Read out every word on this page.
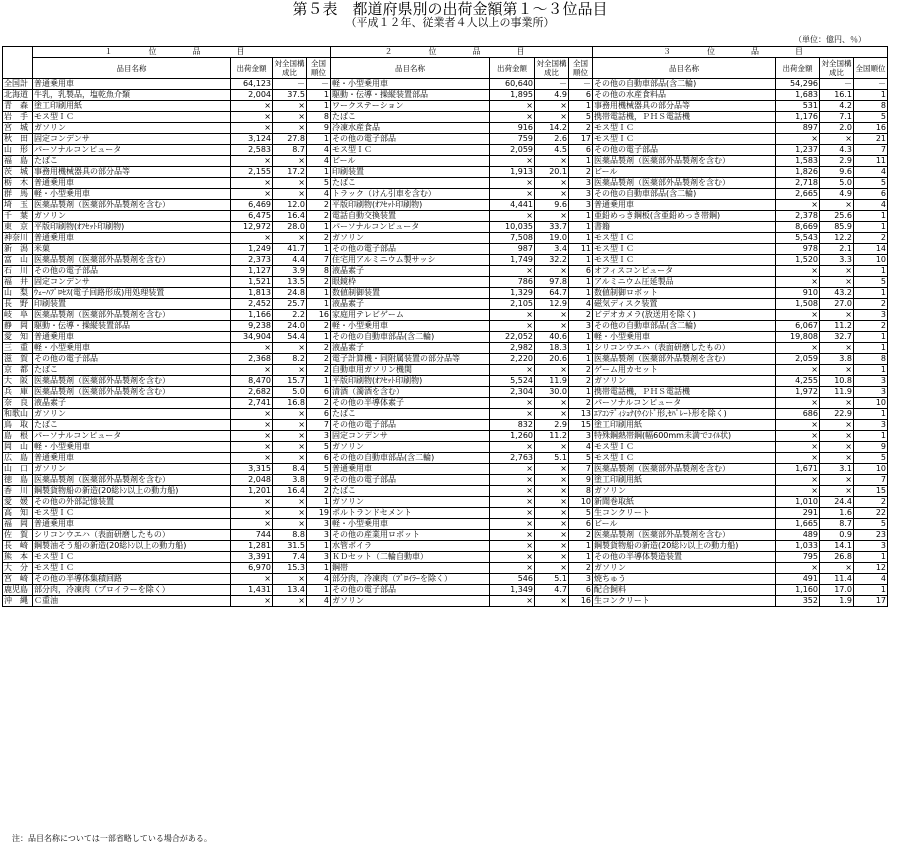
第５表　都道府県別の出荷金額第１～３位品目
（平成１２年、従業者４人以上の事業所）
（単位：億円、％）
	１　位　品　目				２　位　品　目				３　位　品　目			
	品目名称	出荷金額	対全国構成比	全国順位	品目名称	出荷金額	対全国構成比	全国順位	品目名称	出荷金額	対全国構成比	全国順位
全国計	普通乗用車	64,123	－	－	軽・小型乗用車	60,640	－	－	その他の自動車部品(含二輪)	54,296	－	－
北海道	牛乳，乳製品，塩乾魚介類	2,004	37.5	1	駆動・伝導・操縦装置部品	1,895	4.9	6	その他の水産食料品	1,683	16.1	1
青　森	塗工印刷用紙	×	×	1	ワークステーション	×	×	1	事務用機械器具の部分品等	531	4.2	8
岩　手	モス型ＩＣ	×	×	8	たばこ	×	×	5	携帯電話機，ＰＨＳ電話機	1,176	7.1	5
宮　城	ガソリン	×	×	9	冷凍水産食品	916	14.2	2	モス型ＩＣ	897	2.0	16
秋　田	固定コンデンサ	3,124	27.8	1	その他の電子部品	759	2.6	17	モス型ＩＣ	×	×	21
山　形	パーソナルコンピュータ	2,583	8.7	4	モス型ＩＣ	2,059	4.5	6	その他の電子部品	1,237	4.3	7
福　島	たばこ	×	×	4	ビール	×	×	1	医薬品製剤（医薬部外品製剤を含む）	1,583	2.9	11
茨　城	事務用機械器具の部分品等	2,155	17.2	1	印刷装置	1,913	20.1	2	ビール	1,826	9.6	4
栃　木	普通乗用車	×	×	5	たばこ	×	×	3	医薬品製剤（医薬部外品製剤を含む）	2,718	5.0	5
群　馬	軽・小型乗用車	×	×	4	トラック（けん引車を含む）	×	×	3	その他の自動車部品(含二輪)	2,665	4.9	6
埼　玉	医薬品製剤（医薬部外品製剤を含む）	6,469	12.0	2	平版印刷物(ｵﾌｾｯﾄ印刷物)	4,441	9.6	3	普通乗用車	×	×	4
千　葉	ガソリン	6,475	16.4	2	電話自動交換装置	×	×	1	亜鉛めっき鋼板(含亜鉛めっき帯鋼)	2,378	25.6	1
東　京	平版印刷物(ｵﾌｾｯﾄ印刷物)	12,972	28.0	1	パーソナルコンピュータ	10,035	33.7	1	書籍	8,669	85.9	1
神奈川	普通乗用車	×	×	2	ガソリン	7,508	19.0	1	モス型ＩＣ	5,543	12.2	2
新　潟	米菓	1,249	41.7	1	その他の電子部品	987	3.4	11	モス型ＩＣ	978	2.1	14
富　山	医薬品製剤（医薬部外品製剤を含む）	2,373	4.4	7	住宅用アルミニウム製サッシ	1,749	32.2	1	モス型ＩＣ	1,520	3.3	10
石　川	その他の電子部品	1,127	3.9	8	液晶素子	×	×	6	オフィスコンピュータ	×	×	1
福　井	固定コンデンサ	1,521	13.5	2	眼鏡枠	786	97.8	1	アルミニウム圧延製品	×	×	5
山　梨	ｳｪｰﾊﾌﾟﾛｾｽ(電子回路形成)用処理装置	1,813	24.8	1	数値制御装置	1,329	64.7	1	数値制御ロボット	910	43.2	1
長　野	印刷装置	2,452	25.7	1	液晶素子	2,105	12.9	4	磁気ディスク装置	1,508	27.0	2
岐　阜	医薬品製剤（医薬部外品製剤を含む）	1,166	2.2	16	家庭用テレビゲーム	×	×	2	ビデオカメラ(放送用を除く)	×	×	3
静　岡	駆動・伝導・操縦装置部品	9,238	24.0	2	軽・小型乗用車	×	×	3	その他の自動車部品(含二輪)	6,067	11.2	2
愛　知	普通乗用車	34,904	54.4	1	その他の自動車部品(含二輪)	22,052	40.6	1	軽・小型乗用車	19,808	32.7	1
三　重	軽・小型乗用車	×	×	2	液晶素子	2,982	18.3	1	シリコンウエハ（表面研磨したもの）	×	×	1
滋　賀	その他の電子部品	2,368	8.2	2	電子計算機・同附属装置の部分品等	2,220	20.6	1	医薬品製剤（医薬部外品製剤を含む）	2,059	3.8	8
京　都	たばこ	×	×	2	自動車用ガソリン機関	×	×	2	ゲーム用カセット	×	×	1
大　阪	医薬品製剤（医薬部外品製剤を含む）	8,470	15.7	1	平版印刷物(ｵﾌｾｯﾄ印刷物)	5,524	11.9	2	ガソリン	4,255	10.8	3
兵　庫	医薬品製剤（医薬部外品製剤を含む）	2,682	5.0	6	清酒（濁酒を含む）	2,304	30.0	1	携帯電話機，ＰＨＳ電話機	1,972	11.9	3
奈　良	液晶素子	2,741	16.8	2	その他の半導体素子	×	×	2	パーソナルコンピュータ	×	×	10
和歌山	ガソリン	×	×	6	たばこ	×	×	13	ｴｱｺﾝﾃﾞｨｼｮﾅ(ｳｲﾝﾄﾞ形,ｾﾊﾟﾚｰﾄ形を除く)	686	22.9	1
鳥　取	たばこ	×	×	7	その他の電子部品	832	2.9	15	塗工印刷用紙	×	×	3
島　根	パーソナルコンピュータ	×	×	3	固定コンデンサ	1,260	11.2	3	特殊鋼熱帯鋼(幅600mm未満でｺｲﾙ状)	×	×	1
岡　山	軽・小型乗用車	×	×	5	ガソリン	×	×	4	モス型ＩＣ	×	×	9
広　島	普通乗用車	×	×	6	その他の自動車部品(含二輪)	2,763	5.1	5	モス型ＩＣ	×	×	5
山　口	ガソリン	3,315	8.4	5	普通乗用車	×	×	7	医薬品製剤（医薬部外品製剤を含む）	1,671	3.1	10
徳　島	医薬品製剤（医薬部外品製剤を含む）	2,048	3.8	9	その他の電子部品	×	×	9	塗工印刷用紙	×	×	7
香　川	鋼製貨物船の新造(20総ﾄﾝ以上の動力船)	1,201	16.4	2	たばこ	×	×	8	ガソリン	×	×	15
愛　媛	その他の外部記憶装置	×	×	1	ガソリン	×	×	10	新聞巻取紙	1,010	24.4	2
高　知	モス型ＩＣ	×	×	19	ポルトランドセメント	×	×	5	生コンクリート	291	1.6	22
福　岡	普通乗用車	×	×	3	軽・小型乗用車	×	×	6	ビール	1,665	8.7	5
佐　賀	シリコンウエハ（表面研磨したもの）	744	8.8	3	その他の産業用ロボット	×	×	2	医薬品製剤（医薬部外品製剤を含む）	489	0.9	23
長　崎	鋼製油そう船の新造(20総ﾄﾝ以上の動力船)	1,281	31.5	1	水管ボイラ	×	×	1	鋼製貨物船の新造(20総ﾄﾝ以上の動力船)	1,033	14.1	3
熊　本	モス型ＩＣ	3,391	7.4	3	ＫＤセット（二輪自動車）	×	×	1	その他の半導体製造装置	795	26.8	1
大　分	モス型ＩＣ	6,970	15.3	1	鋼帯	×	×	2	ガソリン	×	×	12
宮　崎	その他の半導体集積回路	×	×	4	部分肉，冷凍肉（ﾌﾞﾛｲﾗｰを除く）	546	5.1	3	焼ちゅう	491	11.4	4
鹿児島	部分肉，冷凍肉（ブロイラーを除く）	1,431	13.4	1	その他の電子部品	1,349	4.7	6	配合飼料	1,160	17.0	1
沖　縄	Ｃ重油	×	×	4	ガソリン	×	×	16	生コンクリート	352	1.9	17
注：品目名称については一部省略している場合がある。
